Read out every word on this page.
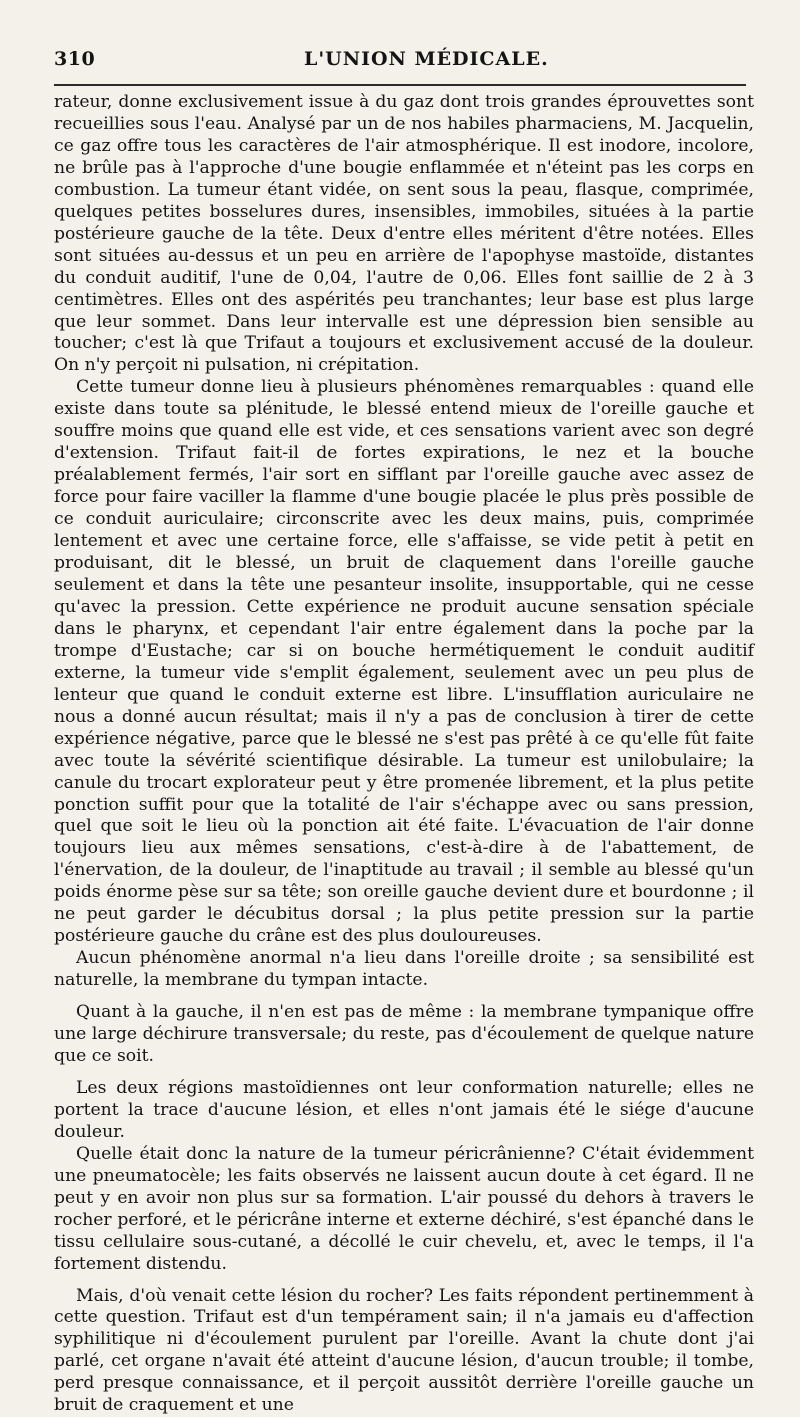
310	L'UNION MÉDICALE.

rateur, donne exclusivement issue à du gaz dont trois grandes éprouvettes sont recueillies sous l'eau. Analysé par un de nos habiles pharmaciens, M. Jacquelin, ce gaz offre tous les caractères de l'air atmosphérique. Il est inodore, incolore, ne brûle pas à l'approche d'une bougie enflammée et n'éteint pas les corps en combustion. La tumeur étant vidée, on sent sous la peau, flasque, comprimée, quelques petites bosselures dures, insensibles, immobiles, situées à la partie postérieure gauche de la tête. Deux d'entre elles méritent d'être notées. Elles sont situées au-dessus et un peu en arrière de l'apophyse mastoïde, distantes du conduit auditif, l'une de 0,04, l'autre de 0,06. Elles font saillie de 2 à 3 centimètres. Elles ont des aspérités peu tranchantes; leur base est plus large que leur sommet. Dans leur intervalle est une dépression bien sensible au toucher; c'est là que Trifaut a toujours et exclusivement accusé de la douleur. On n'y perçoit ni pulsation, ni crépitation.

Cette tumeur donne lieu à plusieurs phénomènes remarquables : quand elle existe dans toute sa plénitude, le blessé entend mieux de l'oreille gauche et souffre moins que quand elle est vide, et ces sensations varient avec son degré d'extension. Trifaut fait-il de fortes expirations, le nez et la bouche préalablement fermés, l'air sort en sifflant par l'oreille gauche avec assez de force pour faire vaciller la flamme d'une bougie placée le plus près possible de ce conduit auriculaire; circonscrite avec les deux mains, puis, comprimée lentement et avec une certaine force, elle s'affaisse, se vide petit à petit en produisant, dit le blessé, un bruit de claquement dans l'oreille gauche seulement et dans la tête une pesanteur insolite, insupportable, qui ne cesse qu'avec la pression. Cette expérience ne produit aucune sensation spéciale dans le pharynx, et cependant l'air entre également dans la poche par la trompe d'Eustache; car si on bouche hermétiquement le conduit auditif externe, la tumeur vide s'emplit également, seulement avec un peu plus de lenteur que quand le conduit externe est libre. L'insufflation auriculaire ne nous a donné aucun résultat; mais il n'y a pas de conclusion à tirer de cette expérience négative, parce que le blessé ne s'est pas prêté à ce qu'elle fût faite avec toute la sévérité scientifique désirable. La tumeur est unilobulaire; la canule du trocart explorateur peut y être promenée librement, et la plus petite ponction suffit pour que la totalité de l'air s'échappe avec ou sans pression, quel que soit le lieu où la ponction ait été faite. L'évacuation de l'air donne toujours lieu aux mêmes sensations, c'est-à-dire à de l'abattement, de l'énervation, de la douleur, de l'inaptitude au travail ; il semble au blessé qu'un poids énorme pèse sur sa tête; son oreille gauche devient dure et bourdonne ; il ne peut garder le décubitus dorsal ; la plus petite pression sur la partie postérieure gauche du crâne est des plus douloureuses.

Aucun phénomène anormal n'a lieu dans l'oreille droite ; sa sensibilité est naturelle, la membrane du tympan intacte.

Quant à la gauche, il n'en est pas de même : la membrane tympanique offre une large déchirure transversale; du reste, pas d'écoulement de quelque nature que ce soit.

Les deux régions mastoïdiennes ont leur conformation naturelle; elles ne portent la trace d'aucune lésion, et elles n'ont jamais été le siége d'aucune douleur.

Quelle était donc la nature de la tumeur péricrânienne? C'était évidemment une pneumatocèle; les faits observés ne laissent aucun doute à cet égard. Il ne peut y en avoir non plus sur sa formation. L'air poussé du dehors à travers le rocher perforé, et le péricrâne interne et externe déchiré, s'est épanché dans le tissu cellulaire sous-cutané, a décollé le cuir chevelu, et, avec le temps, il l'a fortement distendu.

Mais, d'où venait cette lésion du rocher? Les faits répondent pertinemment à cette question. Trifaut est d'un tempérament sain; il n'a jamais eu d'affection syphilitique ni d'écoulement purulent par l'oreille. Avant la chute dont j'ai parlé, cet organe n'avait été atteint d'aucune lésion, d'aucun trouble; il tombe, perd presque connaissance, et il perçoit aussitôt derrière l'oreille gauche un bruit de craquement et une
